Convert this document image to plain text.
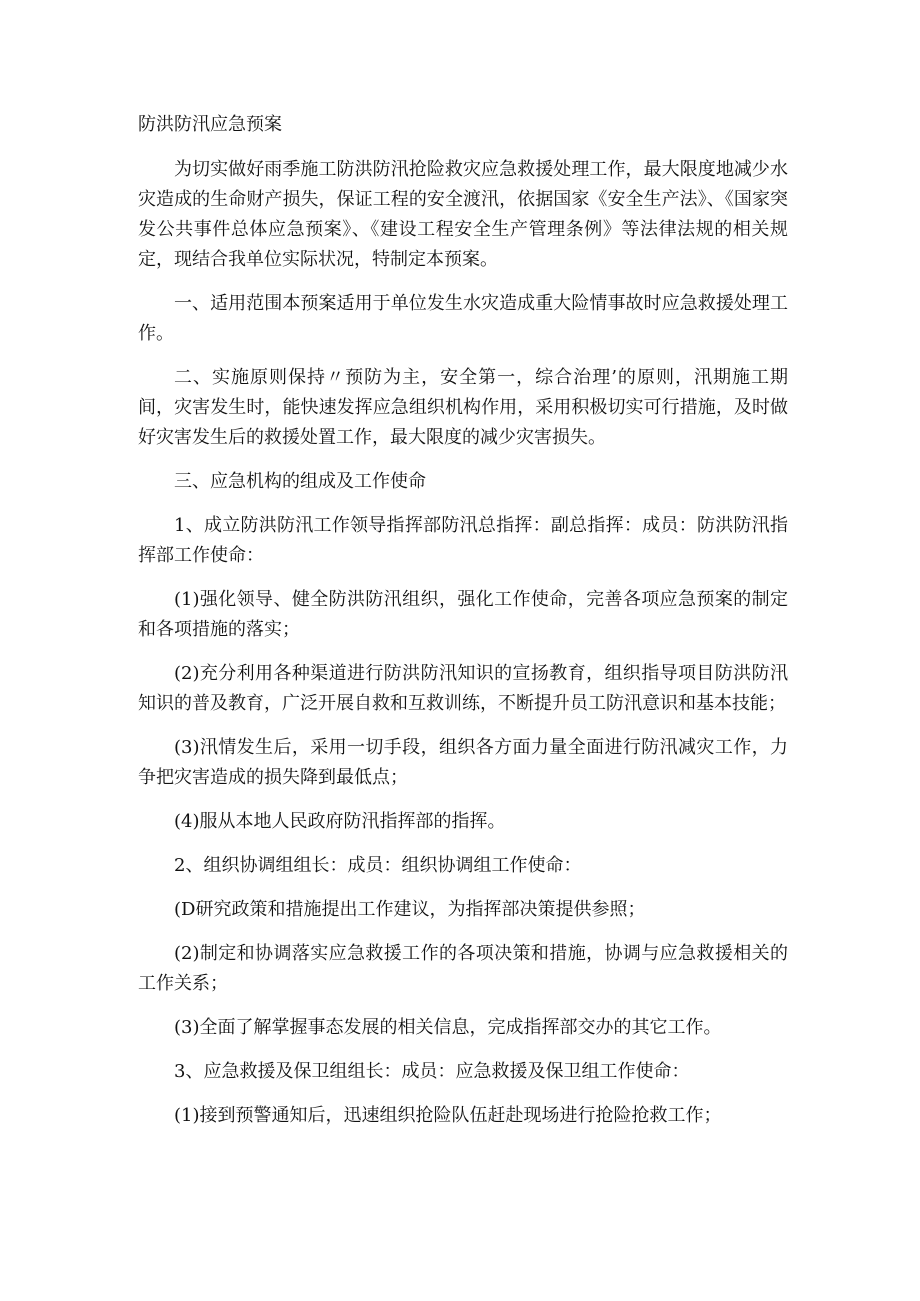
防洪防汛应急预案

为切实做好雨季施工防洪防汛抢险救灾应急救援处理工作，最大限度地减少水灾造成的生命财产损失，保证工程的安全渡汛，依据国家《安全生产法》、《国家突发公共事件总体应急预案》、《建设工程安全生产管理条例》等法律法规的相关规定，现结合我单位实际状况，特制定本预案。

一、适用范围本预案适用于单位发生水灾造成重大险情事故时应急救援处理工作。

二、实施原则保持〃预防为主，安全第一，综合治理’的原则，汛期施工期间，灾害发生时，能快速发挥应急组织机构作用，采用积极切实可行措施，及时做好灾害发生后的救援处置工作，最大限度的减少灾害损失。

三、应急机构的组成及工作使命

1、成立防洪防汛工作领导指挥部防汛总指挥：副总指挥：成员：防洪防汛指挥部工作使命：

(1)强化领导、健全防洪防汛组织，强化工作使命，完善各项应急预案的制定和各项措施的落实；

(2)充分利用各种渠道进行防洪防汛知识的宣扬教育，组织指导项目防洪防汛知识的普及教育，广泛开展自救和互救训练，不断提升员工防汛意识和基本技能；

(3)汛情发生后，采用一切手段，组织各方面力量全面进行防汛减灾工作，力争把灾害造成的损失降到最低点；

(4)服从本地人民政府防汛指挥部的指挥。

2、组织协调组组长：成员：组织协调组工作使命：

(D研究政策和措施提出工作建议，为指挥部决策提供参照；

(2)制定和协调落实应急救援工作的各项决策和措施，协调与应急救援相关的工作关系；

(3)全面了解掌握事态发展的相关信息，完成指挥部交办的其它工作。

3、应急救援及保卫组组长：成员：应急救援及保卫组工作使命：

(1)接到预警通知后，迅速组织抢险队伍赶赴现场进行抢险抢救工作；
